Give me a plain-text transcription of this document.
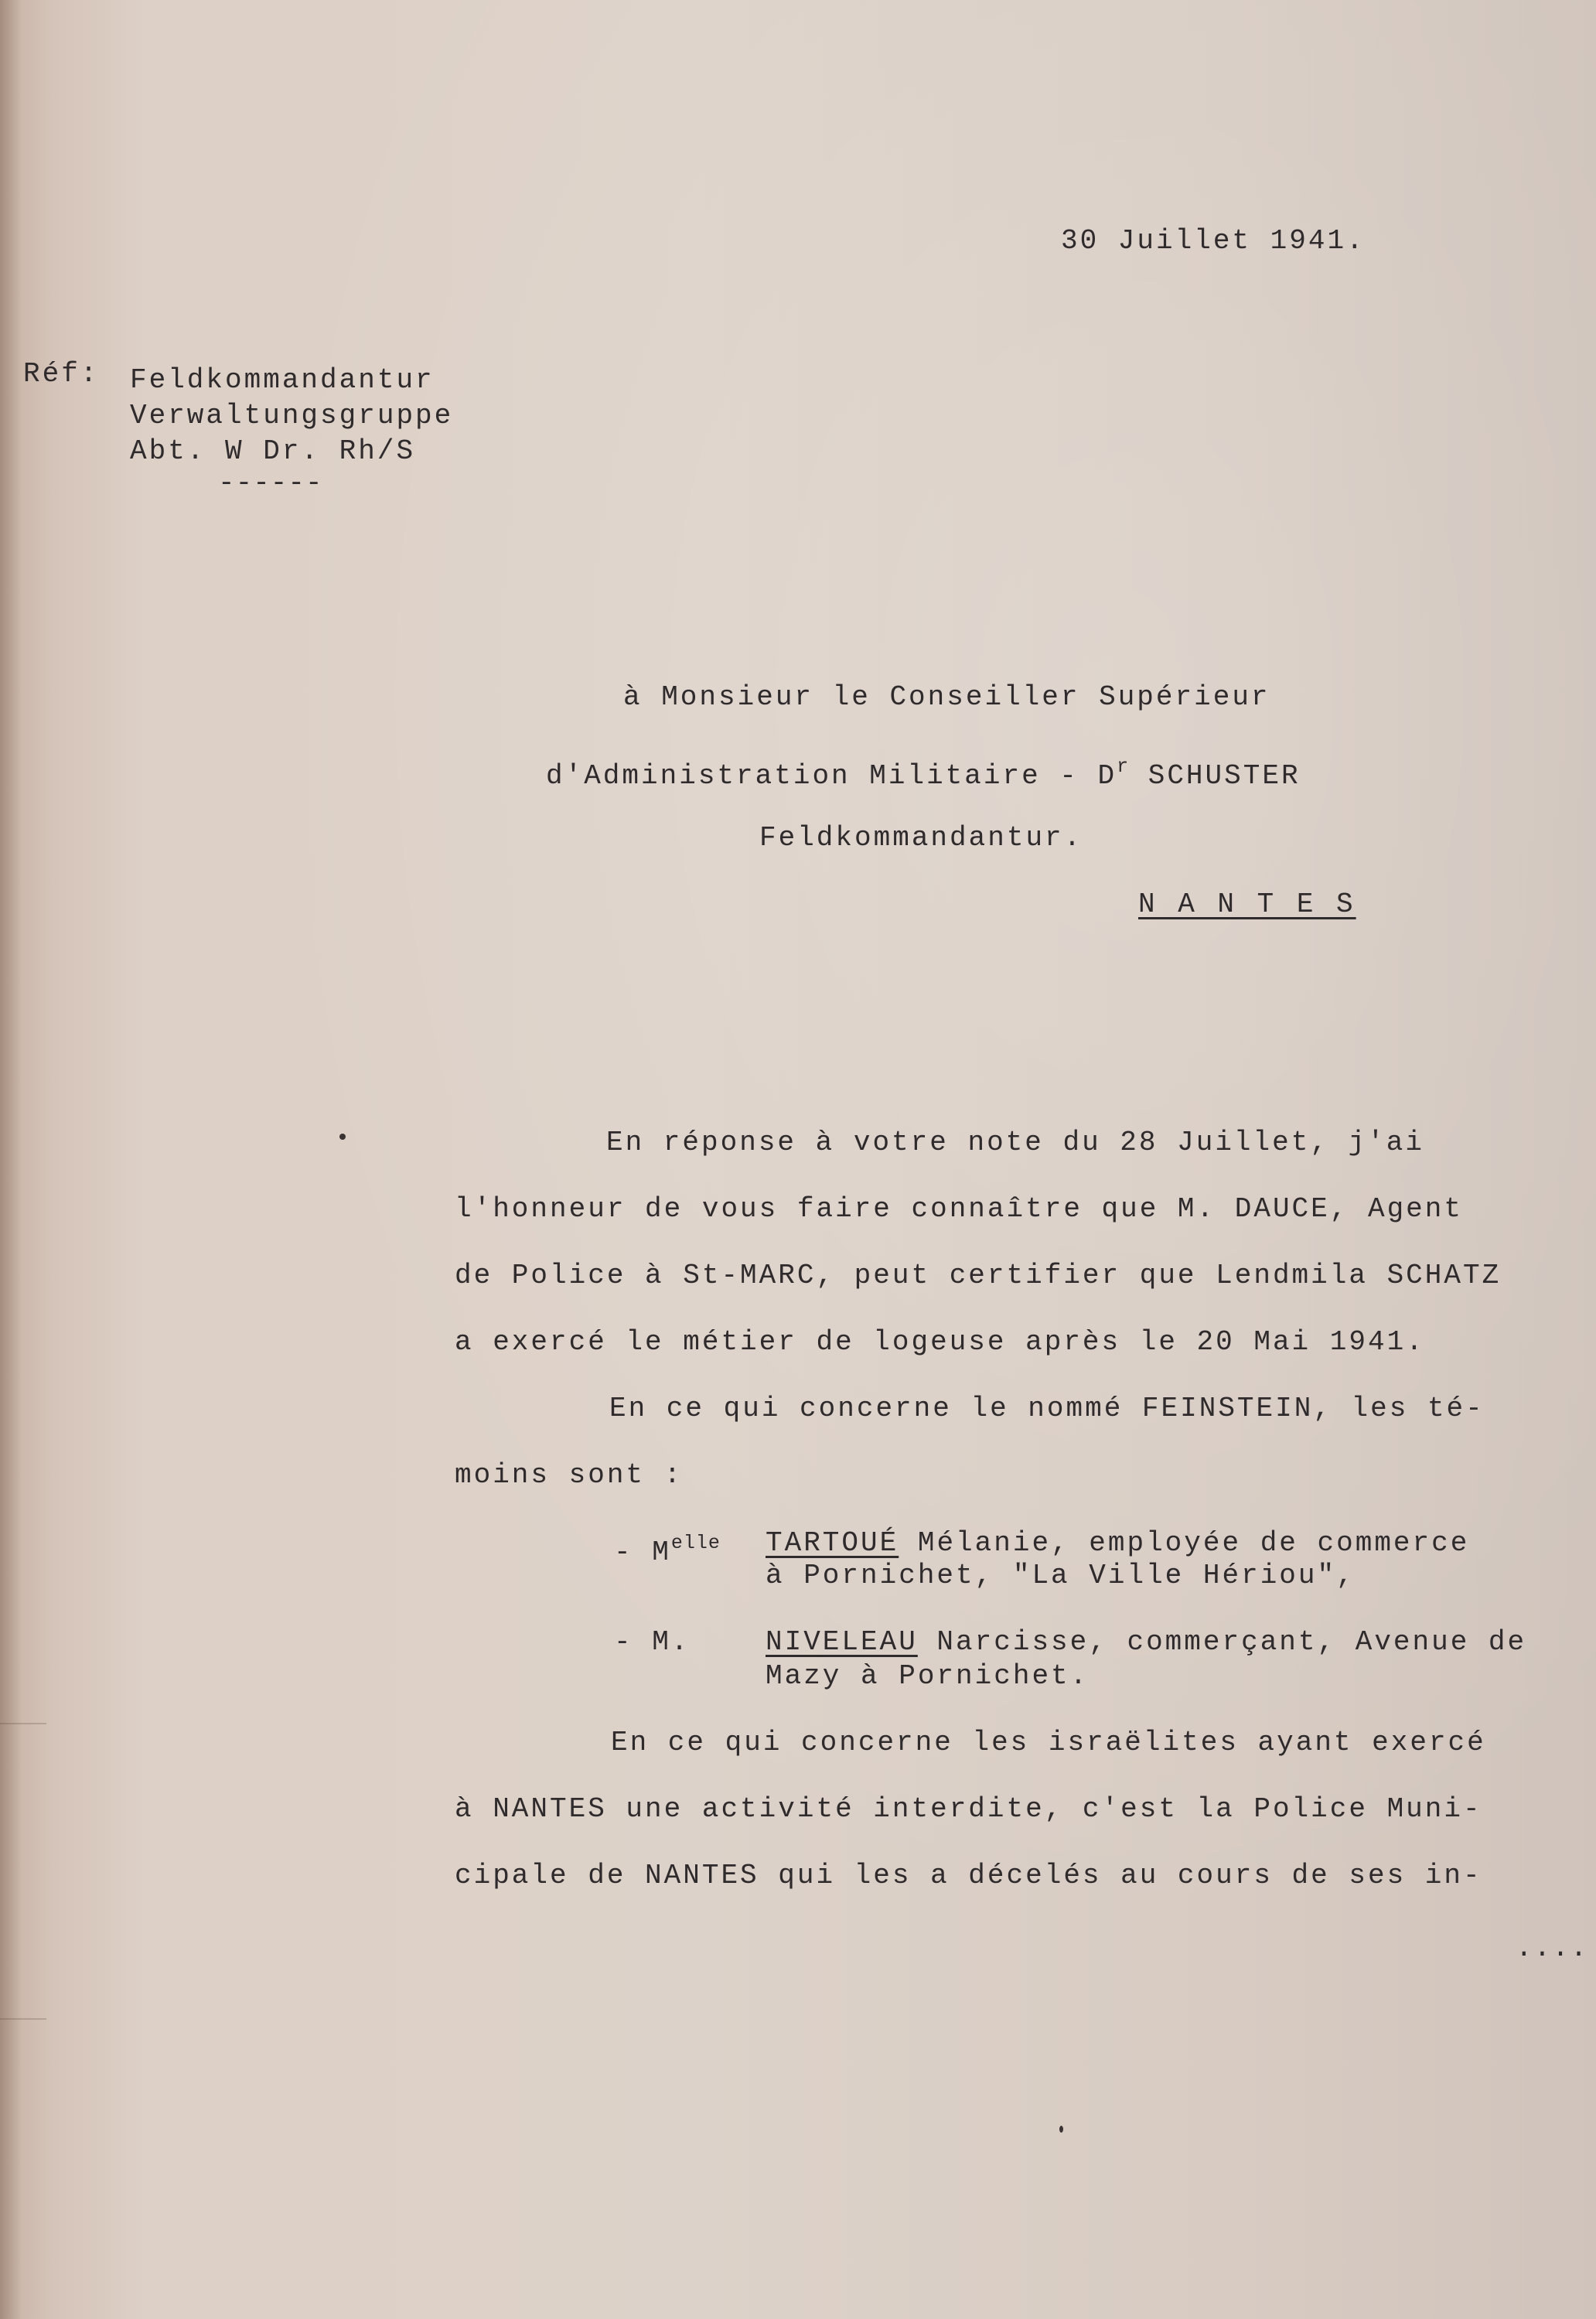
30 Juillet 1941.

Réf: Feldkommandantur

Verwaltungsgruppe

Abt. W Dr. Rh/S

------

à Monsieur le Conseiller Supérieur

d'Administration Militaire - $D^r$ SCHUSTER

Feldkommandantur.

N A N T E S

En réponse à votre note du 28 Juillet, j'ai

l'honneur de vous faire connaître que M. DAUCE, Agent

de Police à St-MARC, peut certifier que Lendmila SCHATZ

a exercé le métier de logeuse après le 20 Mai 1941.

En ce qui concerne le nommé FEINSTEIN, les té-

moins sont :

- $M^{elle}$ TARTOUÉ Mélanie, employée de commerce

à Pornichet, "La Ville Hériou",

- M.	NIVELEAU Narcisse, commerçant, Avenue de

Mazy à Pornichet.

En ce qui concerne les israëlites ayant exercé

à NANTES une activité interdite, c'est la Police Muni-

cipale de NANTES qui les a décelés au cours de ses in-

....
